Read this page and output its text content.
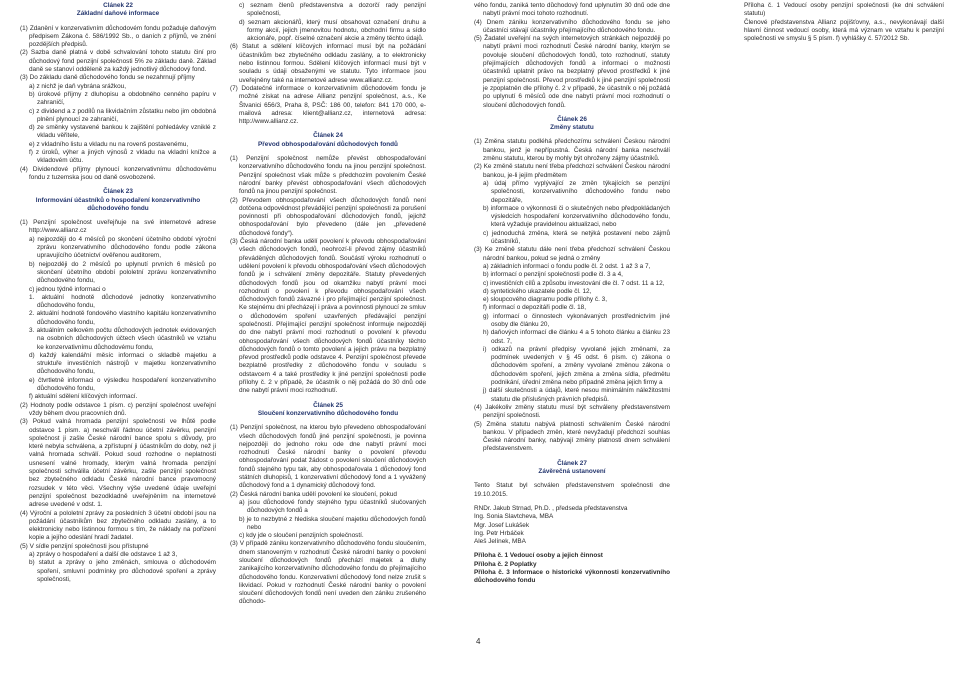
Článek 22
Základní daňové informace
(1) Zdanění v konzervativním důchodovém fondu požaduje daňovým předpisem Zákona č. 586/1992 Sb., o daních z příjmů, ve znění pozdějších předpisů.
(2) Sazba daně platná v době schvalování tohoto statutu činí pro důchodový fond penzijní společnosti 5% ze základu daně. Základ daně se stanoví odděleně za každý jednotlivý důchodový fond.
(3) Do základu daně důchodového fondu se nezahrnují příjmy
a) z nichž je daň vybrána srážkou,
b) úrokové příjmy z dluhopisu a obdobného cenného papíru v zahraničí,
c) z dividend a z podílů na likvidačním zůstatku nebo jim obdobná plnění plynoucí ze zahraničí,
d) ze směnky vystavené bankou k zajištění pohledávky vzniklé z vkladu věřitele,
e) z vkladního listu a vkladu nu na rovenš postavenému,
f) z úroků, výher a jiných výnosů z vkladu na vkladní knížce a vkladovém účtu.
(4) Dividendové příjmy plynoucí konzervativnímu důchodovému fondu z tuzemska jsou od daně osvobozené.
Článek 23
Informování účastníků o hospodaření konzervativního důchodového fondu
(1) Penzijní společnost uveřejňuje na své internetové adrese http://www.allianz.cz
a) nejpozději do 4 měsíců po skončení účetního období výroční zprávu konzervativního důchodového fondu podle zákona upravujícího účetnictví ověřenou auditorem,
b) nejpozději do 2 měsíců po uplynutí prvních 6 měsíců po skončení účetního období pololetní zprávu konzervativního důchodového fondu,
c) jednou týdně informaci o
1. aktuální hodnotě důchodové jednotky konzervativního důchodového fondu,
2. aktuální hodnotě fondového vlastního kapitálu konzervativního důchodového fondu,
3. aktuálním celkovém počtu důchodových jednotek evidovaných na osobních důchodových účtech všech účastníků ve vztahu ke konzervativnímu důchodovému fondu,
d) každý kalendářní měsíc informaci o skladbě majetku a struktuře investičních nástrojů v majetku konzervativního důchodového fondu,
e) čtvrtletně informaci o výsledku hospodaření konzervativního důchodového fondu,
f) aktuální sdělení klíčových informací.
(2) Hodnoty podle odstavce 1 písm. c) penzijní společnost uveřejní vždy během dvou pracovních dnů.
(3) Pokud valná hromada penzijní společnosti ve lhůtě podle odstavce 1 písm. a) neschválí řádnou účetní závěrku, penzijní společnost ji zašle České národní bance spolu s důvody, pro které nebyla schválena, a zpřístupní ji účastníkům do doby, než ji valná hromada schválí. Pokud soud rozhodne o neplatnosti usnesení valné hromady, kterým valná hromada penzijní společnosti schválila účetní závěrku, zašle penzijní společnost bez zbytečného odkladu České národní bance pravomocný rozsudek v této věci. Všechny výše uvedené údaje uveřejní penzijní společnost bezodkladně uveřejněním na internetové adrese uvedené v odst. 1.
(4) Výroční a pololetní zprávy za posledních 3 účetní období jsou na požádání účastníkům bez zbytečného odkladu zaslány, a to elektronicky nebo listinnou formou s tím, že náklady na pořízení kopie a jejího odeslání hradí žadatel.
(5) V sídle penzijní společnosti jsou přístupné
a) zprávy o hospodaření a další dle odstavce 1 až 3,
b) statut a zprávy o jeho změnách, smlouva o důchodovém spoření, smluvní podmínky pro důchodové spoření a zprávy společnosti,
c) seznam členů představenstva a dozorčí rady penzijní společnosti,
d) seznam akcionářů, který musí obsahovat označení druhu a formy akcií, jejich jmenovitou hodnotu, obchodní firmu a sídlo akcionáře, popř. číselné označení akcie a změny těchto údajů.
(6) Statut a sdělení klíčových informací musí být na požádání účastníkům bez zbytečného odkladu zaslány, a to elektronicky nebo listinnou formou. Sdělení klíčových informací musí být v souladu s údaji obsaženými ve statutu. Tyto informace jsou uveřejněny také na internetové adrese www.allianz.cz.
(7) Dodatečné informace o konzervativním důchodovém fondu je možné získat na adrese Allianz penzijní společnost, a.s., Ke Štvanici 656/3, Praha 8, PSČ: 186 00, telefon: 841 170 000, e-mailová adresa: klient@allianz.cz, internetová adresa: http://www.allianz.cz.
Článek 24
Převod obhospodařování důchodových fondů
(1) Penzijní společnost nemůže převést obhospodařování konzervativního důchodového fondu na jinou penzijní společnost. Penzijní společnost však může s předchozím povolením České národní banky převést obhospodařování všech důchodových fondů na jinou penzijní společnost.
(2) Převodem obhospodařování všech důchodových fondů není dotčena odpovědnost převádějící penzijní společnosti za porušení povinností při obhospodařování důchodových fondů, jejichž obhospodařování bylo převedeno (dále jen „převedené důchodové fondy“).
(3) Česká národní banka udělí povolení k převodu obhospodařování všech důchodových fondů, neohrozí-li převod zájmy účastníků převáděných důchodových fondů. Součástí výroku rozhodnutí o udělení povolení k převodu obhospodařování všech důchodových fondů je i schválení změny depozitáře. Statuty převedených důchodových fondů jsou od okamžiku nabytí právní moci rozhodnutí o povolení k převodu obhospodařování všech důchodových fondů závazné i pro přejímající penzijní společnost. Ke stejnému dni přecházejí i práva a povinnosti plynoucí ze smluv o důchodovém spoření uzavřených předávající penzijní společností. Přejímající penzijní společnost informuje nejpozději do dne nabytí právní moci rozhodnutí o povolení k převodu obhospodařování všech důchodových fondů účastníky těchto důchodových fondů o tomto povolení a jejich právu na bezplatný převod prostředků podle odstavce 4. Penzijní společnost převede bezplatně prostředky z důchodového fondu v souladu s odstavcem 4 a také prostředky k jiné penzijní společnosti podle přílohy č. 2 v případě, že účastník o něj požádá do 30 dnů ode dne nabytí právní moci rozhodnutí.
Článek 25
Sloučení konzervativního důchodového fondu
(1) Penzijní společnost, na kterou bylo převedeno obhospodařování všech důchodových fondů jiné penzijní společnosti, je povinna nejpozději do jednoho roku ode dne nabytí právní moci rozhodnutí České národní banky o povolení převodu obhospodařování podat žádost o povolení sloučení důchodových fondů stejného typu tak, aby obhospodařovala 1 důchodový fond státních dluhopisů, 1 konzervativní důchodový fond a 1 vyvážený důchodový fond a 1 dynamický důchodový fond.
(2) Česká národní banka udělí povolení ke sloučení, pokud
a) jsou důchodové fondy stejného typu účastníků slučovaných důchodových fondů a
b) je to nezbytné z hlediska sloučení majetku důchodových fondů nebo
c) kdy jde o sloučení penzijních společností.
(3) V případě zániku konzervativního důchodového fondu sloučením, dnem stanoveným v rozhodnutí České národní banky o povolení sloučení důchodových fondů přechází majetek a dluhy zanikajícího konzervativního důchodového fondu do přejímajícího důchodového fondu. Konzervativní důchodový fond nelze zrušit s likvidací. Pokud v rozhodnutí České národní banky o povolení sloučení důchodových fondů není uveden den zániku zrušeného důchodo-
vého fondu, zaniká tento důchodový fond uplynutím 30 dnů ode dne nabytí právní moci tohoto rozhodnutí.
(4) Dnem zániku konzervativního důchodového fondu se jeho účastníci stávají účastníky přejímajícího důchodového fondu.
(5) Žadatel uveřejní na svých internetových stránkách nejpozději po nabytí právní moci rozhodnutí České národní banky, kterým se povoluje sloučení důchodových fondů, toto rozhodnutí, statuty přejímajících důchodových fondů a informaci o možnosti účastníků uplatnit právo na bezplatný převod prostředků k jiné penzijní společnosti. Převod prostředků k jiné penzijní společnosti je zpoplatněn dle přílohy č. 2 v případě, že účastník o něj požádá po uplynutí 6 měsíců ode dne nabytí právní moci rozhodnutí o sloučení důchodových fondů.
Článek 26
Změny statutu
(1) Změna statutu podléhá předchozímu schválení Českou národní bankou, jenž je nepřípustná. Česká národní banka neschválí změnu statutu, kterou by mohly být ohroženy zájmy účastníků.
(2) Ke změně statutu není třeba předchozí schválení Českou národní bankou, je-li jejím předmětem
a) údaj přímo vyplývající ze změn týkajících se penzijní společnosti, konzervativního důchodového fondu nebo depozitáře,
b) informace o výkonnosti či o skutečných nebo předpokládaných výsledcích hospodaření konzervativního důchodového fondu, která vyžaduje pravidelnou aktualizaci, nebo
c) jednoduchá změna, která se netýká postavení nebo zájmů účastníků,
(3) Ke změně statutu dále není třeba předchozí schválení Českou národní bankou, pokud se jedná o změny
a) základních informací o fondu podle čl. 2 odst. 1 až 3 a 7,
b) informací o penzijní společnosti podle čl. 3 a 4,
c) investičních cílů a způsobu investování dle čl. 7 odst. 11 a 12,
d) syntetického ukazatele podle čl. 12,
e) sloupcového diagramu podle přílohy č. 3,
f) informací o depozitáři podle čl. 18,
g) informací o činnostech vykonávaných prostřednictvím jiné osoby dle článku 20,
h) daňových informací dle článku 4 a 5 tohoto článku a článku 23 odst. 7,
i) odkazů na právní předpisy vyvolané jejich změnami, za podmínek uvedených v § 45 odst. 6 písm. c) zákona o důchodovém spoření, a změny vyvolané změnou zákona o důchodovém spoření, jejich změna a změna sídla, předmětu podnikání, úřední změna nebo případně změna jejich firmy a
j) další skutečnosti a údajů, které nesou minimálním náležitostmi statutu dle příslušných právních předpisů.
(4) Jakékoliv změny statutu musí být schváleny představenstvem penzijní společnosti.
(5) Změna statutu nabývá platnosti schválením České národní bankou. V případech změn, které nevyžadují předchozí souhlas České národní banky, nabývají změny platnosti dnem schválení představenstvem.
Článek 27
Závěrečná ustanovení
Tento Statut byl schválen představenstvem společnosti dne 19.10.2015.
RNDr. Jakub Strnad, Ph.D. , předseda představenstva
Ing. Sonia Slavtcheva, MBA
Mgr. Josef Lukášek
Ing. Petr Hrbáček
Aleš Jelínek, MBA
Příloha č. 1 Vedoucí osoby a jejich činnost
Příloha č. 2 Poplatky
Příloha č. 3 Informace o historické výkonnosti konzervativního důchodového fondu
Příloha č. 1 Vedoucí osoby penzijní společnosti (ke dni schválení statutu)
Členové představenstva Allianz pojišťovny, a.s., nevykonávají další hlavní činnost vedoucí osoby, která má význam ve vztahu k penzijní společnosti ve smyslu § 5 písm. f) vyhlášky č. 57/2012 Sb.
4
